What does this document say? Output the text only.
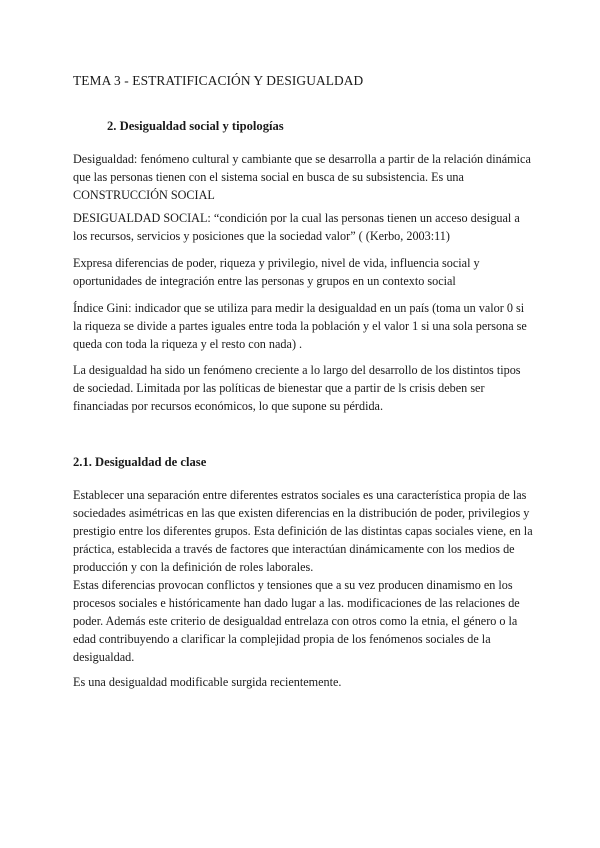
TEMA 3 - ESTRATIFICACIÓN Y DESIGUALDAD
2. Desigualdad social y tipologías
Desigualdad: fenómeno cultural y cambiante que se desarrolla a partir de la relación dinámica que las personas tienen con el sistema social en busca de su subsistencia. Es una CONSTRUCCIÓN SOCIAL
DESIGUALDAD SOCIAL: “condición por la cual las personas tienen un acceso desigual a los recursos, servicios y posiciones que la sociedad valor” ( (Kerbo, 2003:11)
Expresa diferencias de poder, riqueza y privilegio, nivel de vida, influencia social y oportunidades de integración entre las personas y grupos en un contexto social
Índice Gini: indicador que se utiliza para medir la desigualdad en un país (toma un valor 0 si la riqueza se divide a partes iguales entre toda la población y el valor 1 si una sola persona se queda con toda la riqueza y el resto con nada) .
La desigualdad ha sido un fenómeno creciente a lo largo del desarrollo de los distintos tipos de sociedad. Limitada por las políticas de bienestar que a partir de ls crisis deben ser financiadas por recursos económicos, lo que supone su pérdida.
2.1. Desigualdad de clase
Establecer una separación entre diferentes estratos sociales es una característica propia de las sociedades asimétricas en las que existen diferencias en la distribución de poder, privilegios y prestigio entre los diferentes grupos. Esta definición de las distintas capas sociales viene, en la práctica, establecida a través de factores que interactúan dinámicamente con los medios de producción y con la definición de roles laborales.
Estas diferencias provocan conflictos y tensiones que a su vez producen dinamismo en los procesos sociales e históricamente han dado lugar a las. modificaciones de las relaciones de poder. Además este criterio de desigualdad entrelaza con otros como la etnia, el género o la edad contribuyendo a clarificar la complejidad propia de los fenómenos sociales de la desigualdad.
Es una desigualdad modificable surgida recientemente.
